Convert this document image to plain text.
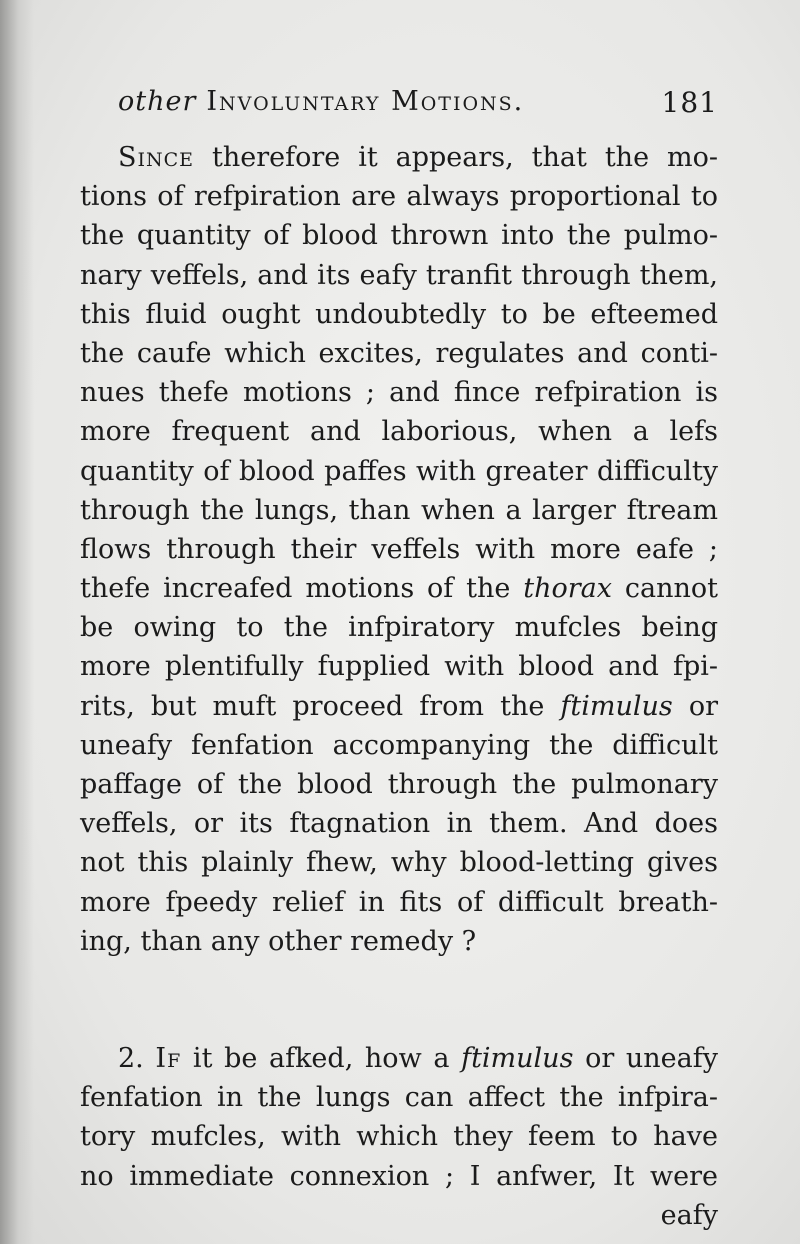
other Involuntary Motions.	181
Since therefore it appears, that the mo-
tions of refpiration are always proportional to
the quantity of blood thrown into the pulmo-
nary veffels, and its eafy tranfit through them,
this fluid ought undoubtedly to be efteemed
the caufe which excites, regulates and conti-
nues thefe motions ; and fince refpiration is
more frequent and laborious, when a lefs
quantity of blood paffes with greater difficulty
through the lungs, than when a larger ftream
flows through their veffels with more eafe ;
thefe increafed motions of the thorax cannot
be owing to the infpiratory mufcles being
more plentifully fupplied with blood and fpi-
rits, but muft proceed from the ftimulus or
uneafy fenfation accompanying the difficult
paffage of the blood through the pulmonary
veffels, or its ftagnation in them. And does
not this plainly fhew, why blood-letting gives
more fpeedy relief in fits of difficult breath-
ing, than any other remedy ?
2. If it be afked, how a ftimulus or uneafy
fenfation in the lungs can affect the infpira-
tory mufcles, with which they feem to have
no immediate connexion ; I anfwer, It were
eafy
